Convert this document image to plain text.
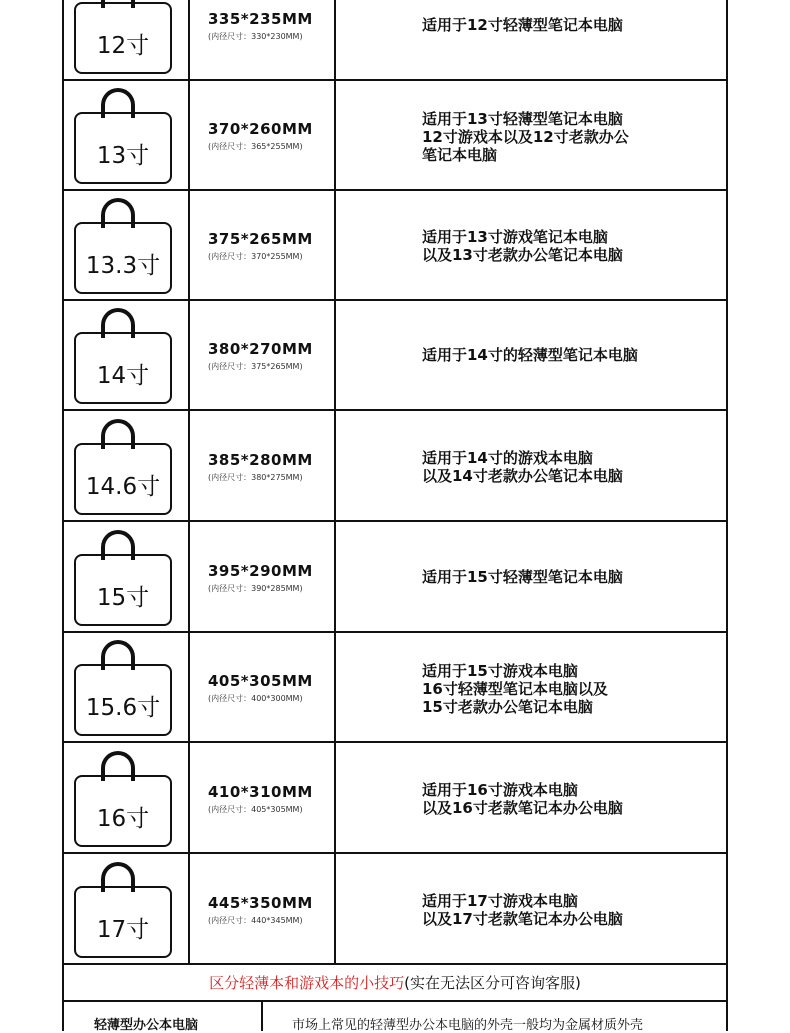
区分轻薄本和游戏本的小技巧(实在无法区分可咨询客服)
轻薄型办公本电脑	市场上常见的轻薄型办公本电脑的外壳一般均为金属材质外壳
12寸
335*235MM
(内径尺寸：330*230MM)
适用于12寸轻薄型笔记本电脑
13寸
370*260MM
(内径尺寸：365*255MM)
适用于13寸轻薄型笔记本电脑
12寸游戏本以及12寸老款办公
笔记本电脑
13.3寸
375*265MM
(内径尺寸：370*255MM)
适用于13寸游戏笔记本电脑
以及13寸老款办公笔记本电脑
14寸
380*270MM
(内径尺寸：375*265MM)
适用于14寸的轻薄型笔记本电脑
14.6寸
385*280MM
(内径尺寸：380*275MM)
适用于14寸的游戏本电脑
以及14寸老款办公笔记本电脑
15寸
395*290MM
(内径尺寸：390*285MM)
适用于15寸轻薄型笔记本电脑
15.6寸
405*305MM
(内径尺寸：400*300MM)
适用于15寸游戏本电脑
16寸轻薄型笔记本电脑以及
15寸老款办公笔记本电脑
16寸
410*310MM
(内径尺寸：405*305MM)
适用于16寸游戏本电脑
以及16寸老款笔记本办公电脑
17寸
445*350MM
(内径尺寸：440*345MM)
适用于17寸游戏本电脑
以及17寸老款笔记本办公电脑
